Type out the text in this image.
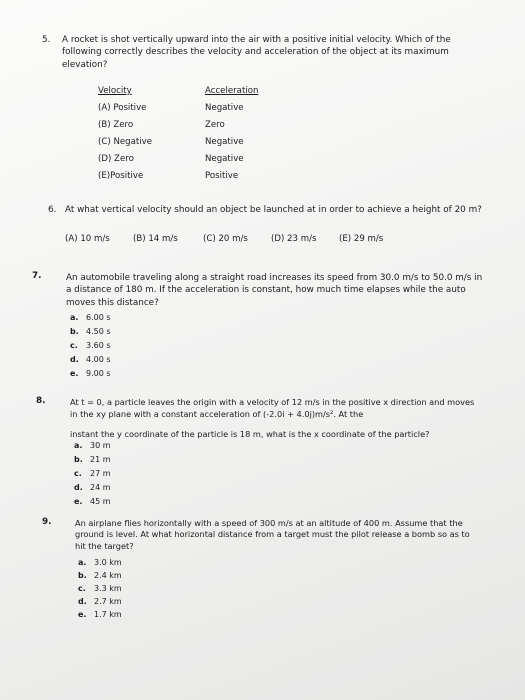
5. A rocket is shot vertically upward into the air with a positive initial velocity. Which of the following correctly describes the velocity and acceleration of the object at its maximum elevation?
Velocity	Acceleration
(A) Positive	Negative
(B) Zero	Zero
(C) Negative	Negative
(D) Zero	Negative
(E)Positive	Positive
6. At what vertical velocity should an object be launched at in order to achieve a height of 20 m?
(A) 10 m/s	(B) 14 m/s	(C) 20 m/s	(D) 23 m/s	(E) 29 m/s
7.	An automobile traveling along a straight road increases its speed from 30.0 m/s to 50.0 m/s in a distance of 180 m. If the acceleration is constant, how much time elapses while the auto moves this distance?
a. 6.00 s
b. 4.50 s
c. 3.60 s
d. 4.00 s
e. 9.00 s
8.	At t = 0, a particle leaves the origin with a velocity of 12 m/s in the positive x direction and moves in the xy plane with a constant acceleration of (-2.0i + 4.0j)m/s². At the
instant the y coordinate of the particle is 18 m, what is the x coordinate of the particle?
a. 30 m
b. 21 m
c. 27 m
d. 24 m
e. 45 m
9.	An airplane flies horizontally with a speed of 300 m/s at an altitude of 400 m. Assume that the ground is level. At what horizontal distance from a target must the pilot release a bomb so as to hit the target?
a. 3.0 km
b. 2.4 km
c. 3.3 km
d. 2.7 km
e. 1.7 km
